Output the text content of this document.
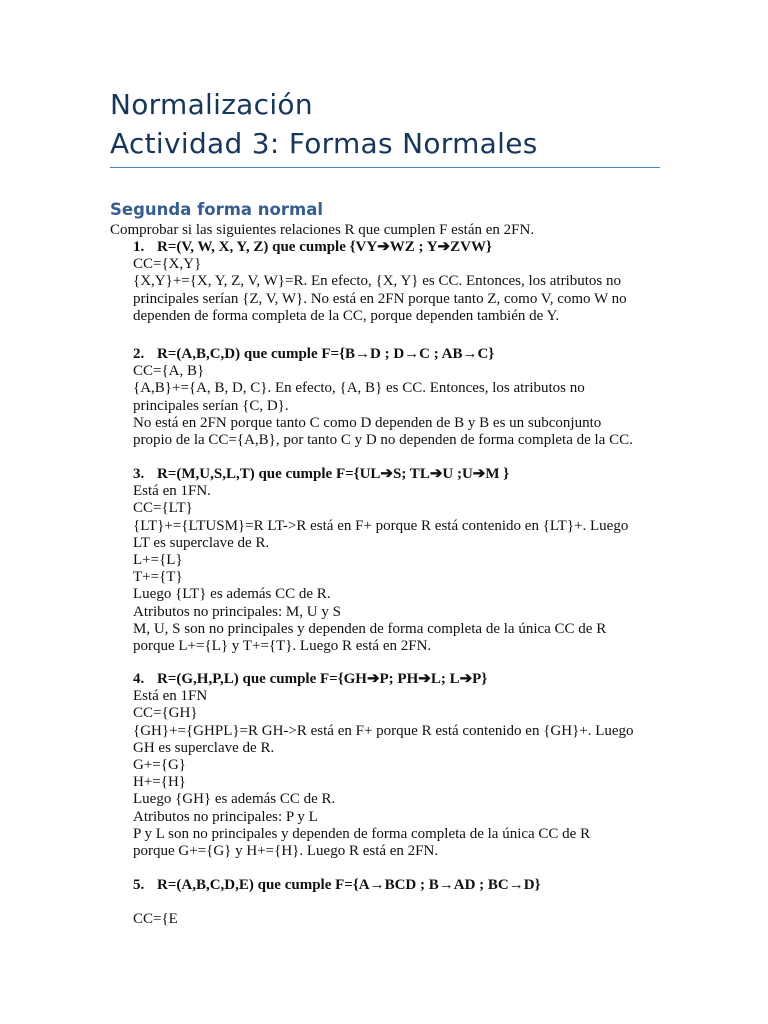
Normalización
Actividad 3: Formas Normales
Segunda forma normal

Comprobar si las siguientes relaciones R que cumplen F están en 2FN.

1. R=(V, W, X, Y, Z) que cumple {VY➔WZ ; Y➔ZVW}
CC={X,Y}
{X,Y}+={X, Y, Z, V, W}=R. En efecto, {X, Y} es CC. Entonces, los atributos no
principales serían {Z, V, W}. No está en 2FN porque tanto Z, como V, como W no
dependen de forma completa de la CC, porque dependen también de Y.
2. R=(A,B,C,D) que cumple F={B→D ; D→C ; AB→C}
CC={A, B}
{A,B}+={A, B, D, C}. En efecto, {A, B} es CC. Entonces, los atributos no
principales serían {C, D}.
No está en 2FN porque tanto C como D dependen de B y B es un subconjunto
propio de la CC={A,B}, por tanto C y D no dependen de forma completa de la CC.
3. R=(M,U,S,L,T) que cumple F={UL➔S; TL➔U ;U➔M }
Está en 1FN.
CC={LT}
{LT}+={LTUSM}=R LT->R está en F+ porque R está contenido en {LT}+. Luego
LT es superclave de R.
L+={L}
T+={T}
Luego {LT} es además CC de R.
Atributos no principales: M, U y S
M, U, S son no principales y dependen de forma completa de la única CC de R
porque L+={L} y T+={T}. Luego R está en 2FN.
4. R=(G,H,P,L) que cumple F={GH➔P; PH➔L; L➔P}
Está en 1FN
CC={GH}
{GH}+={GHPL}=R GH->R está en F+ porque R está contenido en {GH}+. Luego
GH es superclave de R.
G+={G}
H+={H}
Luego {GH} es además CC de R.
Atributos no principales: P y L
P y L son no principales y dependen de forma completa de la única CC de R
porque G+={G} y H+={H}. Luego R está en 2FN.
5. R=(A,B,C,D,E) que cumple F={A→BCD ; B→AD ; BC→D}
CC={E
